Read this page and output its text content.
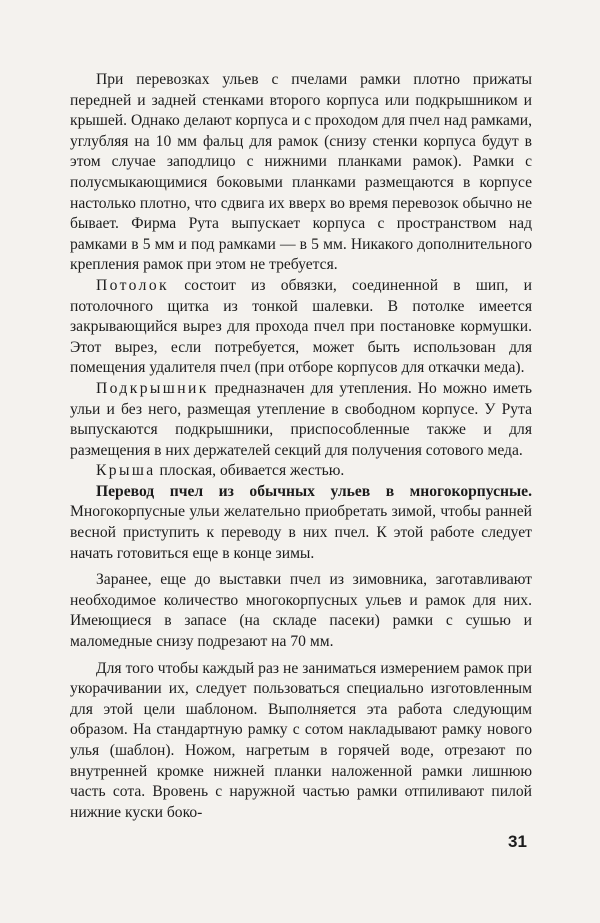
При перевозках ульев с пчелами рамки плотно прижаты передней и задней стенками второго корпуса или подкрышником и крышей. Однако делают корпуса и с проходом для пчел над рамками, углубляя на 10 мм фальц для рамок (снизу стенки корпуса будут в этом случае заподлицо с нижними планками рамок). Рамки с полусмыкающимися боковыми планками размещаются в корпусе настолько плотно, что сдвига их вверх во время перевозок обычно не бывает. Фирма Рута выпускает корпуса с пространством над рамками в 5 мм и под рамками — в 5 мм. Никакого дополнительного крепления рамок при этом не требуется.

Потолок состоит из обвязки, соединенной в шип, и потолочного щитка из тонкой шалевки. В потолке имеется закрывающийся вырез для прохода пчел при постановке кормушки. Этот вырез, если потребуется, может быть использован для помещения удалителя пчел (при отборе корпусов для откачки меда).

Подкрышник предназначен для утепления. Но можно иметь ульи и без него, размещая утепление в свободном корпусе. У Рута выпускаются подкрышники, приспособленные также и для размещения в них держателей секций для получения сотового меда.

Крыша плоская, обивается жестью.

Перевод пчел из обычных ульев в многокорпусные. Многокорпусные ульи желательно приобретать зимой, чтобы ранней весной приступить к переводу в них пчел. К этой работе следует начать готовиться еще в конце зимы.

Заранее, еще до выставки пчел из зимовника, заготавливают необходимое количество многокорпусных ульев и рамок для них. Имеющиеся в запасе (на складе пасеки) рамки с сушью и маломедные снизу подрезают на 70 мм.

Для того чтобы каждый раз не заниматься измерением рамок при укорачивании их, следует пользоваться специально изготовленным для этой цели шаблоном. Выполняется эта работа следующим образом. На стандартную рамку с сотом накладывают рамку нового улья (шаблон). Ножом, нагретым в горячей воде, отрезают по внутренней кромке нижней планки наложенной рамки лишнюю часть сота. Вровень с наружной частью рамки отпиливают пилой нижние куски боко-

31
